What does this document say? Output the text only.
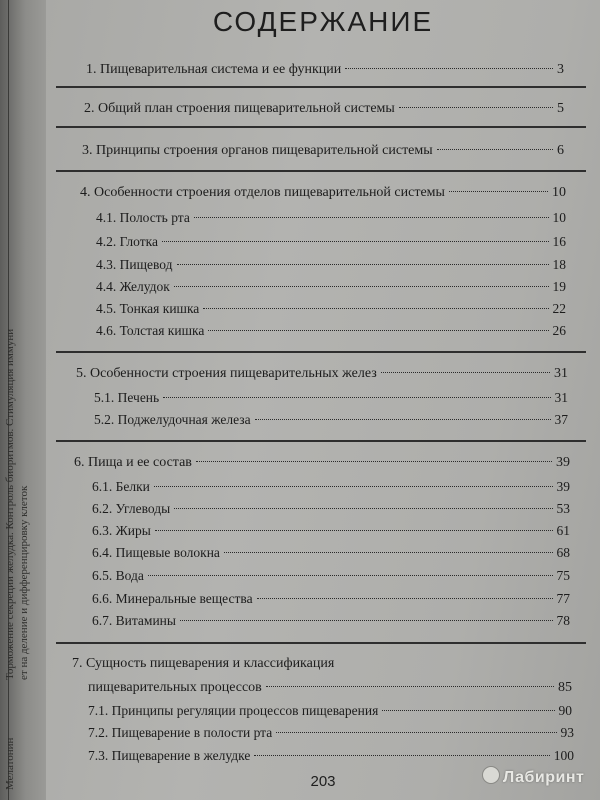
Мелатонин
Торможение секреции желудка. Контроль биоритмов. Стимуляция иммуни ет на деление и дифференцировку клеток
СОДЕРЖАНИЕ
1. Пищеварительная система и ее функции	3
2. Общий план строения пищеварительной системы	5
3. Принципы строения органов пищеварительной системы	6
4. Особенности строения отделов пищеварительной системы	10
4.1. Полость рта	10
4.2. Глотка	16
4.3. Пищевод	18
4.4. Желудок	19
4.5. Тонкая кишка	22
4.6. Толстая кишка	26
5. Особенности строения пищеварительных желез	31
5.1. Печень	31
5.2. Поджелудочная железа	37
6. Пища и ее состав	39
6.1. Белки	39
6.2. Углеводы	53
6.3. Жиры	61
6.4. Пищевые волокна	68
6.5. Вода	75
6.6. Минеральные вещества	77
6.7. Витамины	78
7. Сущность пищеварения и классификация
пищеварительных процессов	85
7.1. Принципы регуляции процессов пищеварения	90
7.2. Пищеварение в полости рта	93
7.3. Пищеварение в желудке	100
203	Лабиринт
